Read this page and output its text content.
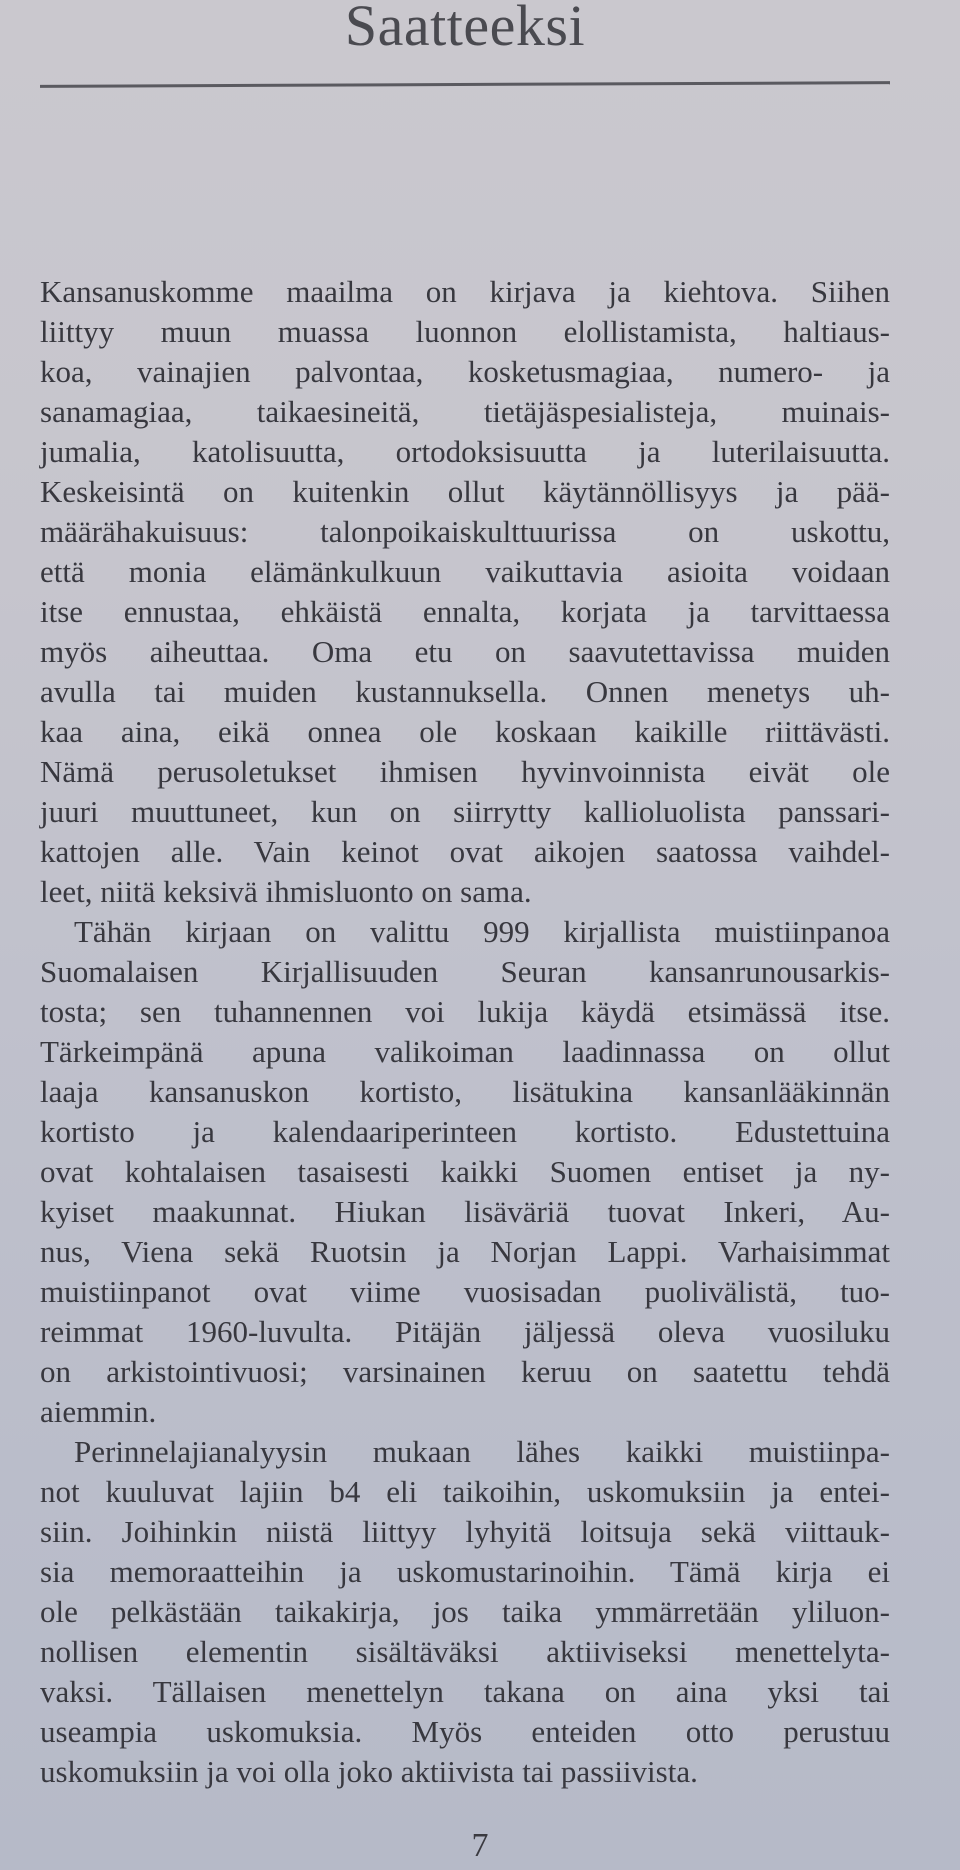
Saatteeksi
Kansanuskomme maailma on kirjava ja kiehtova. Siihen
liittyy muun muassa luonnon elollistamista, haltiaus-
koa, vainajien palvontaa, kosketusmagiaa, numero- ja
sanamagiaa, taikaesineitä, tietäjäspesialisteja, muinais-
jumalia, katolisuutta, ortodoksisuutta ja luterilaisuutta.
Keskeisintä on kuitenkin ollut käytännöllisyys ja pää-
määrähakuisuus: talonpoikaiskulttuurissa on uskottu,
että monia elämänkulkuun vaikuttavia asioita voidaan
itse ennustaa, ehkäistä ennalta, korjata ja tarvittaessa
myös aiheuttaa. Oma etu on saavutettavissa muiden
avulla tai muiden kustannuksella. Onnen menetys uh-
kaa aina, eikä onnea ole koskaan kaikille riittävästi.
Nämä perusoletukset ihmisen hyvinvoinnista eivät ole
juuri muuttuneet, kun on siirrytty kallioluolista panssari-
kattojen alle. Vain keinot ovat aikojen saatossa vaihdel-
leet, niitä keksivä ihmisluonto on sama.
Tähän kirjaan on valittu 999 kirjallista muistiinpanoa
Suomalaisen Kirjallisuuden Seuran kansanrunousarkis-
tosta; sen tuhannennen voi lukija käydä etsimässä itse.
Tärkeimpänä apuna valikoiman laadinnassa on ollut
laaja kansanuskon kortisto, lisätukina kansanlääkinnän
kortisto ja kalendaariperinteen kortisto. Edustettuina
ovat kohtalaisen tasaisesti kaikki Suomen entiset ja ny-
kyiset maakunnat. Hiukan lisäväriä tuovat Inkeri, Au-
nus, Viena sekä Ruotsin ja Norjan Lappi. Varhaisimmat
muistiinpanot ovat viime vuosisadan puolivälistä, tuo-
reimmat 1960-luvulta. Pitäjän jäljessä oleva vuosiluku
on arkistointivuosi; varsinainen keruu on saatettu tehdä
aiemmin.
Perinnelajianalyysin mukaan lähes kaikki muistiinpa-
not kuuluvat lajiin b4 eli taikoihin, uskomuksiin ja entei-
siin. Joihinkin niistä liittyy lyhyitä loitsuja sekä viittauk-
sia memoraatteihin ja uskomustarinoihin. Tämä kirja ei
ole pelkästään taikakirja, jos taika ymmärretään yliluon-
nollisen elementin sisältäväksi aktiiviseksi menettelyta-
vaksi. Tällaisen menettelyn takana on aina yksi tai
useampia uskomuksia. Myös enteiden otto perustuu
uskomuksiin ja voi olla joko aktiivista tai passiivista.
7
